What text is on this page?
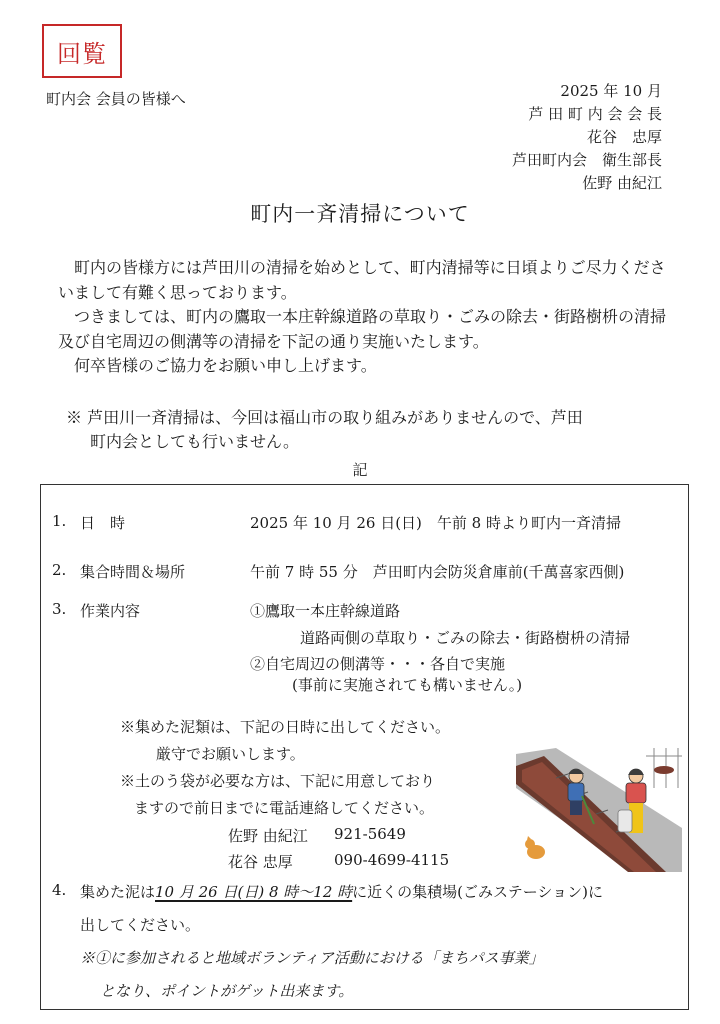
回覧
町内会 会員の皆様へ	2025 年 10 月
芦 田 町 内 会 会 長
花谷　忠厚
芦田町内会　衛生部長
佐野 由紀江
町内一斉清掃について

町内の皆様方には芦田川の清掃を始めとして、町内清掃等に日頃よりご尽力くださいまして有難く思っております。

つきましては、町内の鷹取一本庄幹線道路の草取り・ごみの除去・街路樹枡の清掃及び自宅周辺の側溝等の清掃を下記の通り実施いたします。

何卒皆様のご協力をお願い申し上げます。

※ 芦田川一斉清掃は、今回は福山市の取り組みがありませんので、芦田
町内会としても行いません。
記
1. 日　時	2025 年 10 月 26 日(日)　午前 8 時より町内一斉清掃
2. 集合時間＆場所	午前 7 時 55 分　芦田町内会防災倉庫前(千萬喜家西側)
3. 作業内容	①鷹取一本庄幹線道路
道路両側の草取り・ごみの除去・街路樹枡の清掃
②自宅周辺の側溝等・・・各自で実施
(事前に実施されても構いません。)
※集めた泥類は、下記の日時に出してください。
厳守でお願いします。
※土のう袋が必要な方は、下記に用意しており
ますので前日までに電話連絡してください。
佐野 由紀江 921-5649
花谷 忠厚	090-4699-4115
4. 集めた泥は10 月 26 日(日) 8 時〜12 時に近くの集積場(ごみステーション)に
出してください。
※①に参加されると地域ボランティア活動における「まちパス事業」
となり、ポイントがゲット出来ます。
